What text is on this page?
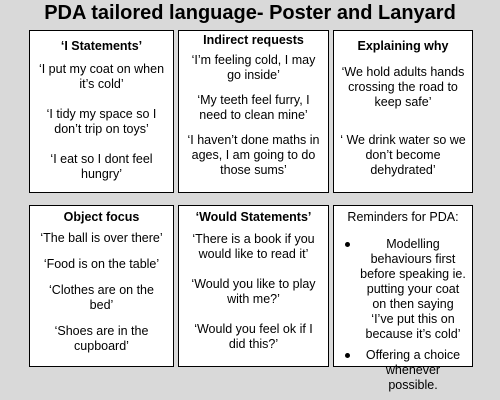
PDA tailored language- Poster and Lanyard
‘I Statements’
‘I put my coat on when it’s cold’
‘I tidy my space so I don’t trip on toys’
‘I eat so I dont feel hungry’
Indirect requests
‘I’m feeling cold, I may go inside’
‘My teeth feel furry, I need to clean mine’
‘I haven’t done maths in ages, I am going to do those sums’
Explaining why
‘We hold adults hands crossing the road to keep safe’
‘ We drink water so we don’t become dehydrated’
Object focus
‘The ball is over there’
‘Food is on the table’
‘Clothes are on the bed’
‘Shoes are in the cupboard’
‘Would Statements’
‘There is a book if you would like to read it’
‘Would you like to play with me?’
‘Would you feel ok if I did this?’
Reminders for PDA:
Modelling behaviours first before speaking ie. putting your coat on then saying ‘I’ve put this on because it’s cold’
Offering a choice whenever possible.
